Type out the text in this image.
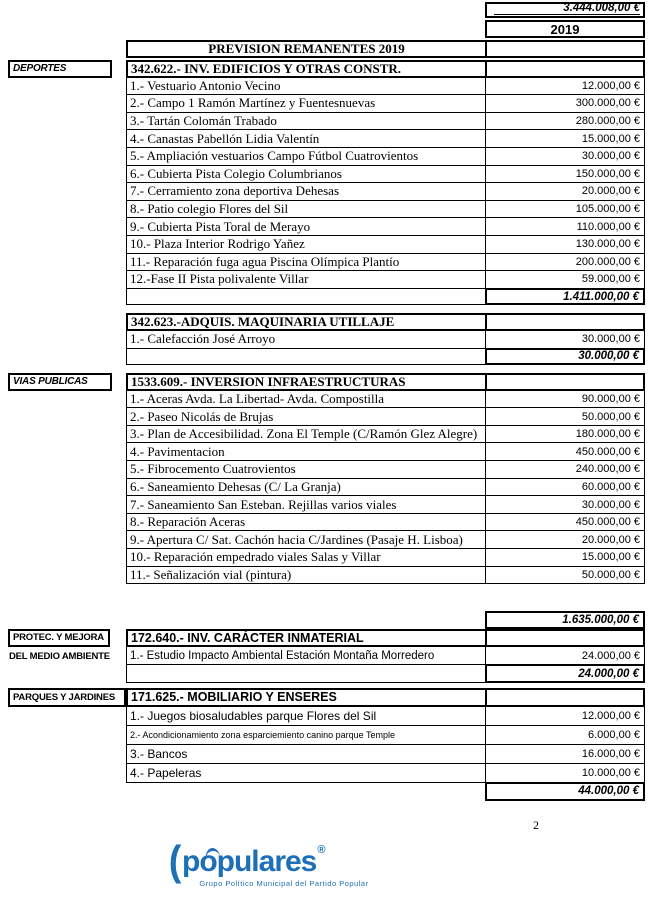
3.444.008,00 €
2019
PREVISION REMANENTES 2019
DEPORTES	342.622.- INV. EDIFICIOS Y OTRAS CONSTR.
1.- Vestuario Antonio Vecino	12.000,00 €
2.- Campo 1 Ramón Martínez y Fuentesnuevas	300.000,00 €
3.- Tartán Colomán Trabado	280.000,00 €
4.- Canastas Pabellón Lidia Valentín	15.000,00 €
5.- Ampliación vestuarios Campo Fútbol Cuatrovientos	30.000,00 €
6.- Cubierta Pista Colegio Columbrianos	150.000,00 €
7.- Cerramiento zona deportiva Dehesas	20.000,00 €
8.- Patio colegio Flores del Sil	105.000,00 €
9.- Cubierta Pista Toral de Merayo	110.000,00 €
10.- Plaza Interior Rodrigo Yañez	130.000,00 €
11.- Reparación fuga agua Piscina Olímpica Plantío	200.000,00 €
12.-Fase II Pista polivalente Villar	59.000,00 €
1.411.000,00 €
342.623.-ADQUIS. MAQUINARIA UTILLAJE
1.- Calefacción José Arroyo	30.000,00 €
30.000,00 €
VIAS PUBLICAS	1533.609.- INVERSION INFRAESTRUCTURAS
1.- Aceras Avda. La Libertad- Avda. Compostilla	90.000,00 €
2.- Paseo Nicolás de Brujas	50.000,00 €
3.- Plan de Accesibilidad. Zona El Temple (C/Ramón Glez Alegre)	180.000,00 €
4.- Pavimentacion	450.000,00 €
5.- Fibrocemento Cuatrovientos	240.000,00 €
6.- Saneamiento Dehesas (C/ La Granja)	60.000,00 €
7.- Saneamiento San Esteban. Rejillas varios viales	30.000,00 €
8.- Reparación Aceras	450.000,00 €
9.- Apertura C/ Sat. Cachón hacia C/Jardines (Pasaje H. Lisboa)	20.000,00 €
10.- Reparación empedrado viales Salas y Villar	15.000,00 €
11.- Señalización vial (pintura)	50.000,00 €
1.635.000,00 €
PROTEC. Y MEJORA	172.640.- INV. CARÁCTER INMATERIAL
DEL MEDIO AMBIENTE	1.- Estudio Impacto Ambiental Estación Montaña Morredero	24.000,00 €
24.000,00 €
PARQUES Y JARDINES	171.625.- MOBILIARIO Y ENSERES
1.- Juegos biosaludables parque Flores del Sil	12.000,00 €
2.- Acondicionamiento zona esparciemiento canino parque Temple	6.000,00 €
3.- Bancos	16.000,00 €
4.- Papeleras	10.000,00 €
44.000,00 €
2
( populares ®
Grupo Político Municipal del Partido Popular
